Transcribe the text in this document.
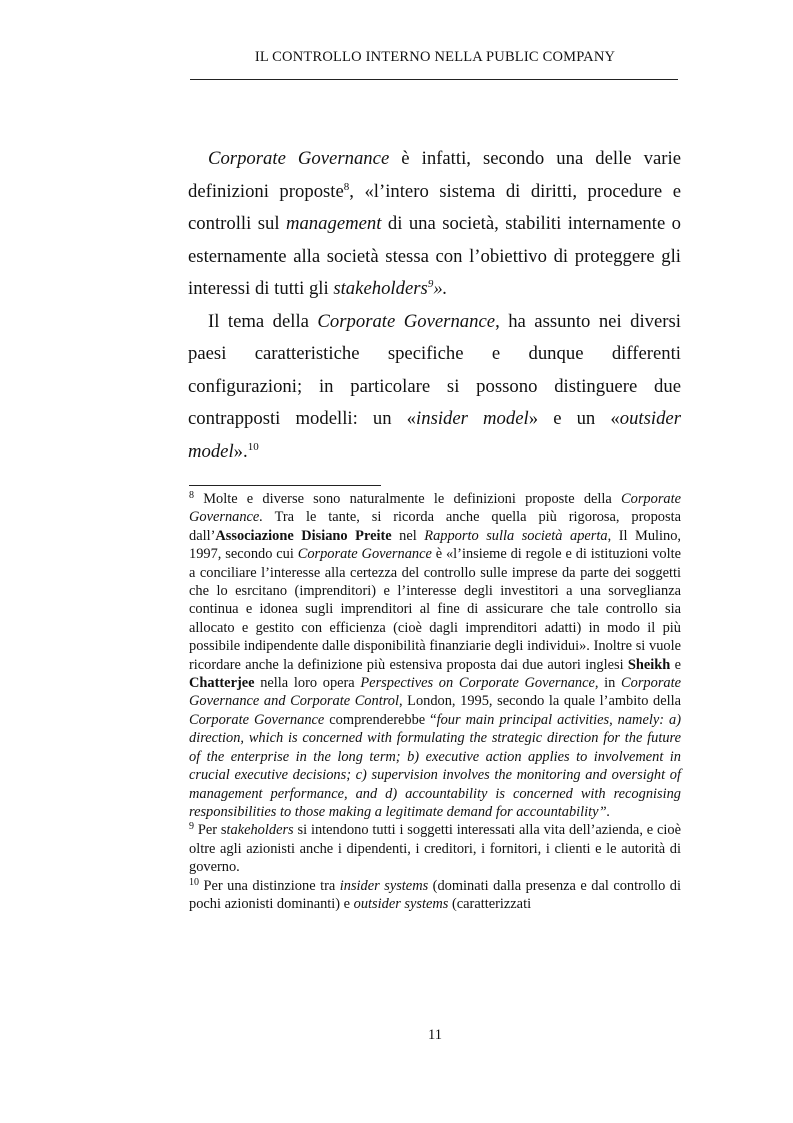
IL CONTROLLO INTERNO NELLA PUBLIC COMPANY

Corporate Governance è infatti, secondo una delle varie definizioni proposte$^8$, «l’intero sistema di diritti, procedure e controlli sul management di una società, stabiliti internamente o esternamente alla società stessa con l’obiettivo di proteggere gli interessi di tutti gli stakeholders$^9$».

Il tema della Corporate Governance, ha assunto nei diversi paesi caratteristiche specifiche e dunque differenti configurazioni; in particolare si possono distinguere due contrapposti modelli: un «insider model» e un «outsider model».$^{10}$

$^8$ Molte e diverse sono naturalmente le definizioni proposte della Corporate Governance. Tra le tante, si ricorda anche quella più rigorosa, proposta dall’Associazione Disiano Preite nel Rapporto sulla società aperta, Il Mulino, 1997, secondo cui Corporate Governance è «l’insieme di regole e di istituzioni volte a conciliare l’interesse alla certezza del controllo sulle imprese da parte dei soggetti che lo esrcitano (imprenditori) e l’interesse degli investitori a una sorveglianza continua e idonea sugli imprenditori al fine di assicurare che tale controllo sia allocato e gestito con efficienza (cioè dagli imprenditori adatti) in modo il più possibile indipendente dalle disponibilità finanziarie degli individui». Inoltre si vuole ricordare anche la definizione più estensiva proposta dai due autori inglesi Sheikh e Chatterjee nella loro opera Perspectives on Corporate Governance, in Corporate Governance and Corporate Control, London, 1995, secondo la quale l’ambito della Corporate Governance comprenderebbe “four main principal activities, namely: a) direction, which is concerned with formulating the strategic direction for the future of the enterprise in the long term; b) executive action applies to involvement in crucial executive decisions; c) supervision involves the monitoring and oversight of management performance, and d) accountability is concerned with recognising responsibilities to those making a legitimate demand for accountability”.

$^9$ Per stakeholders si intendono tutti i soggetti interessati alla vita dell’azienda, e cioè oltre agli azionisti anche i dipendenti, i creditori, i fornitori, i clienti e le autorità di governo.

$^{10}$ Per una distinzione tra insider systems (dominati dalla presenza e dal controllo di pochi azionisti dominanti) e outsider systems (caratterizzati

11
